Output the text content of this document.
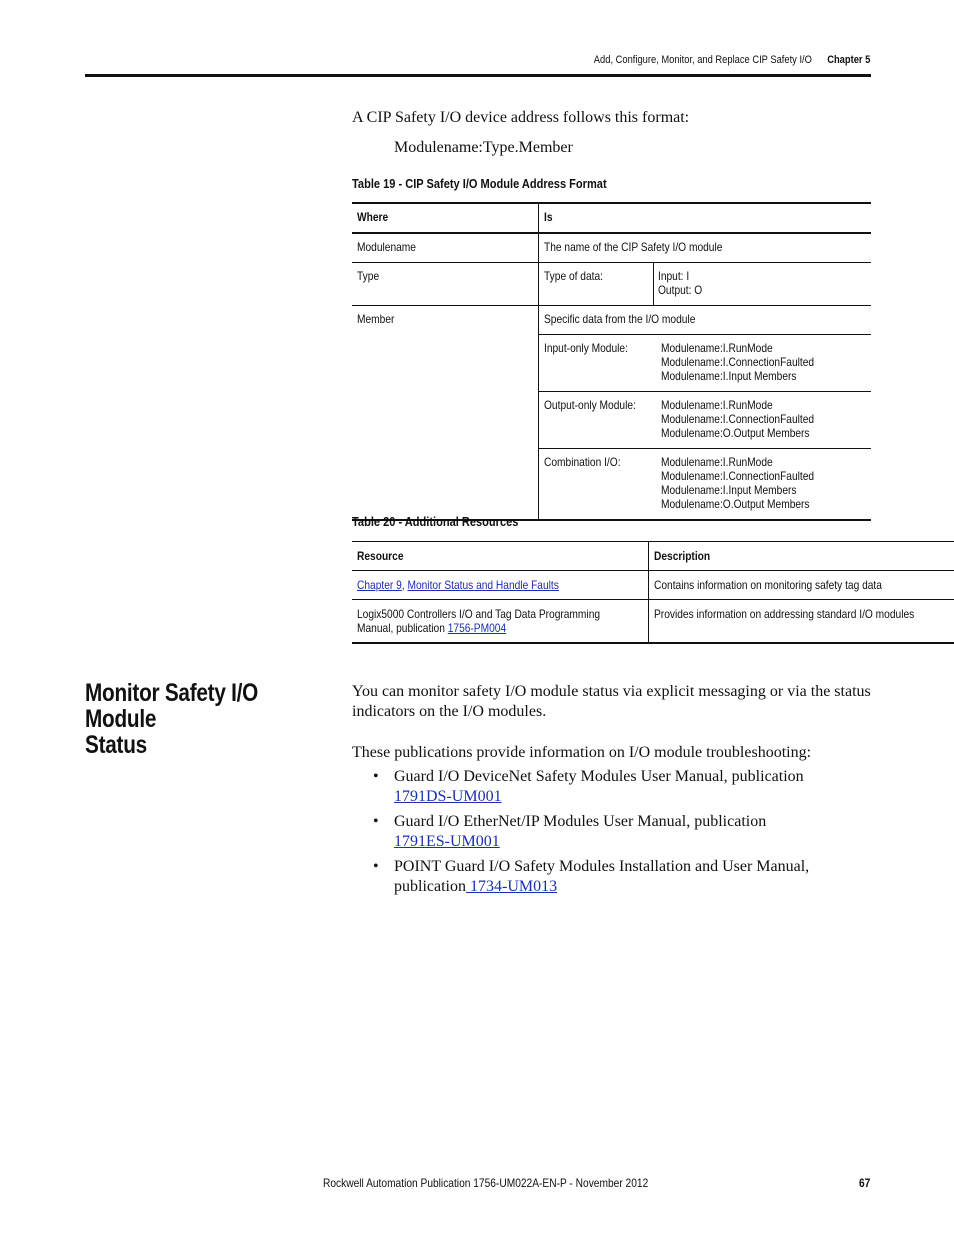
Add, Configure, Monitor, and Replace CIP Safety I/O Chapter 5
A CIP Safety I/O device address follows this format:
Modulename:Type.Member
Table 19 - CIP Safety I/O Module Address Format
Where	Is
Modulename	The name of the CIP Safety I/O module
Type		Type of data:	Input: I
Output: O

Member		Specific data from the I/O module
Input-only Module:	Modulename:I.RunMode
Modulename:I.ConnectionFaulted
Modulename:I.Input Members
Output-only Module:	Modulename:I.RunMode
Modulename:I.ConnectionFaulted
Modulename:O.Output Members
Combination I/O:	Modulename:I.RunMode
Modulename:I.ConnectionFaulted
Modulename:I.Input Members
Modulename:O.Output Members
Table 20 - Additional Resources
Resource	Description
Chapter 9, Monitor Status and Handle Faults	Contains information on monitoring safety tag data
Logix5000 Controllers I/O and Tag Data Programming
Manual, publication 1756-PM004	Provides information on addressing standard I/O modules
Monitor Safety I/O Module
Status
You can monitor safety I/O module status via explicit messaging or via the status indicators on the I/O modules.
These publications provide information on I/O module troubleshooting:
• Guard I/O DeviceNet Safety Modules User Manual, publication
1791DS-UM001
• Guard I/O EtherNet/IP Modules User Manual, publication
1791ES-UM001
• POINT Guard I/O Safety Modules Installation and User Manual, publication 1734-UM013
Rockwell Automation Publication 1756-UM022A-EN-P - November 2012	67
